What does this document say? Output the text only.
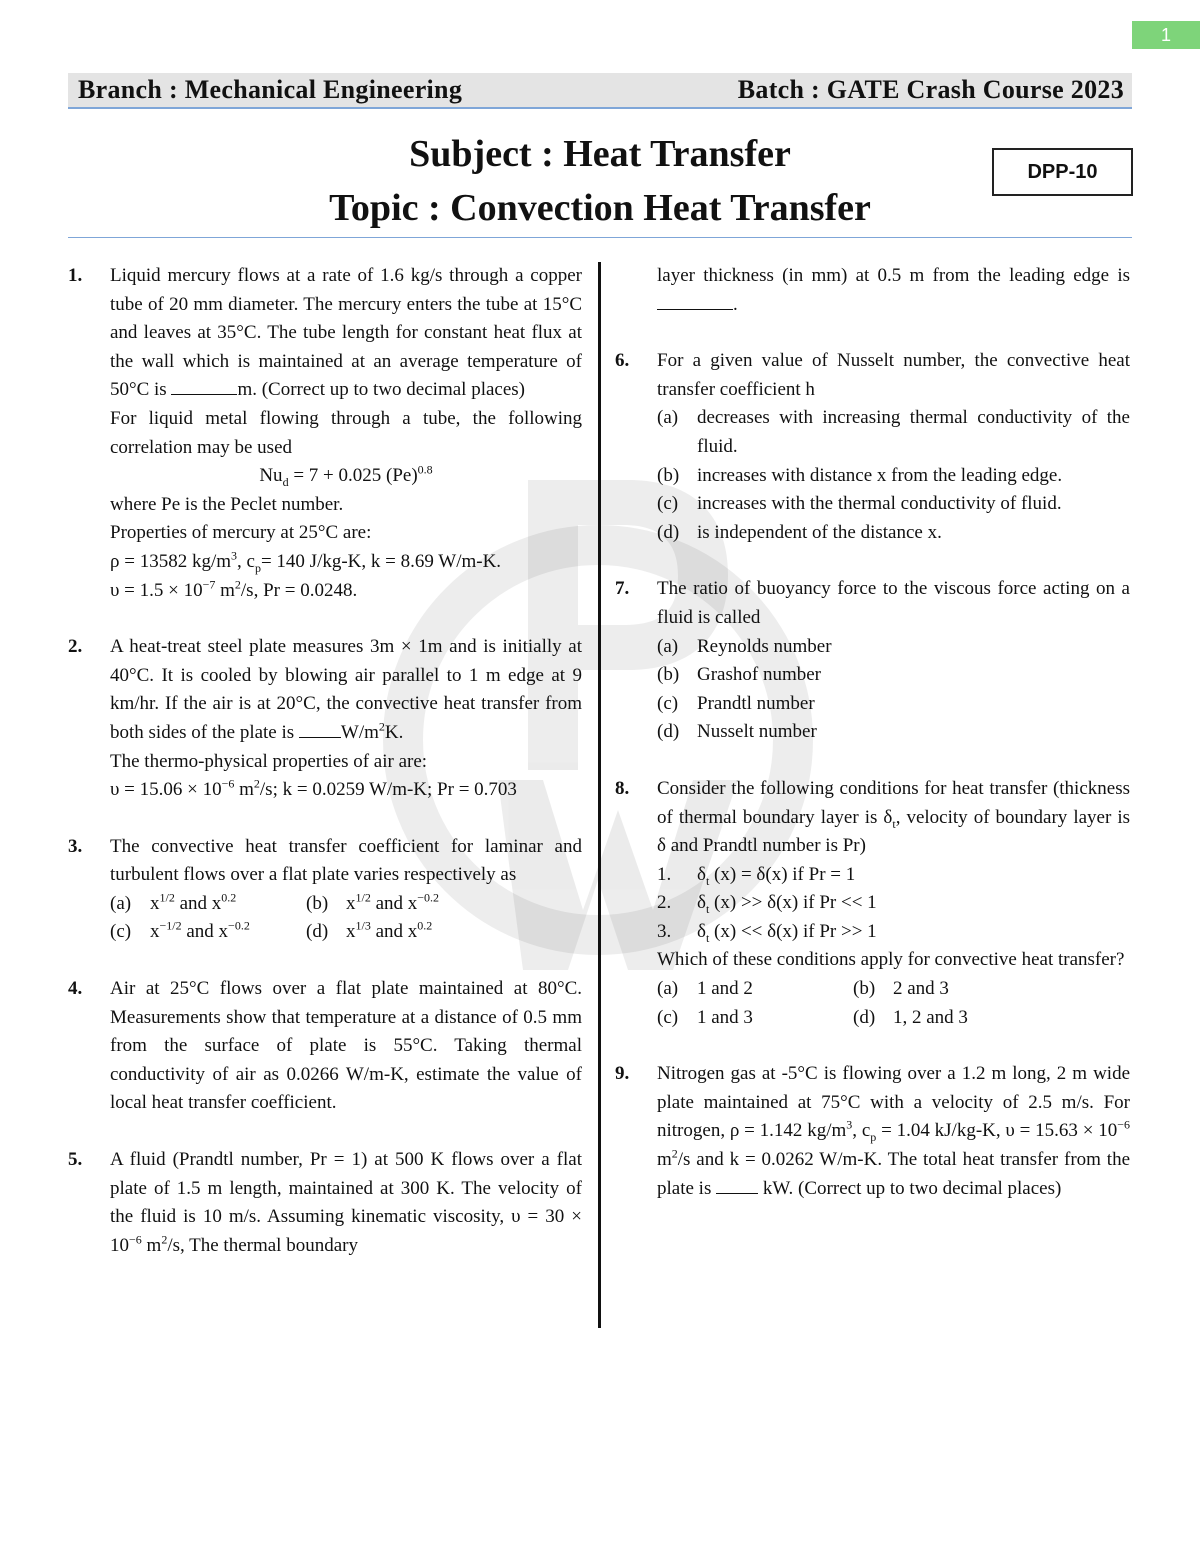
1
Branch : Mechanical Engineering	Batch : GATE Crash Course 2023
Subject : Heat Transfer
Topic : Convection Heat Transfer
DPP-10
1. Liquid mercury flows at a rate of 1.6 kg/s through a copper tube of 20 mm diameter. The mercury enters the tube at 15°C and leaves at 35°C. The tube length for constant heat flux at the wall which is maintained at an average temperature of 50°C is	m. (Correct up to two decimal places)

For liquid metal flowing through a tube, the following correlation may be used

$Nu_d = 7 + 0.025$ $(Pe)^{0.8}$

where Pe is the Peclet number.

Properties of mercury at 25°C are:

ρ = 13582 $kg/m^3$, $c_p= 140$ J/kg-K, k = 8.69 W/m-K.

$\upsilon = 1.5 \times 10^{-7}$ $m^2/s$, Pr = 0.0248.

2. A heat-treat steel plate measures 3m × 1m and is initially at 40°C. It is cooled by blowing air parallel to 1 m edge at 9 km/hr. If the air is at 20°C, the convective heat transfer from both sides of the plate is $W/m^2K$.

The thermo-physical properties of air are:

$\upsilon = 15.06 \times 10^{-6}$ $m^2/s$; k = 0.0259 W/m-K; Pr = 0.703

3. The convective heat transfer coefficient for laminar and turbulent flows over a flat plate varies respectively as

(a) $x^{1/2}$ and $x^{0.2}$	(b) $x^{1/2}$ and $x^{-0.2}$
(c) $x^{-1/2}$ and $x^{-0.2}$	(d) $x^{1/3}$ and $x^{0.2}$
4. Air at 25°C flows over a flat plate maintained at 80°C. Measurements show that temperature at a distance of 0.5 mm from the surface of plate is 55°C. Taking thermal conductivity of air as 0.0266 W/m-K, estimate the value of local heat transfer coefficient.

5. A fluid (Prandtl number, Pr = 1) at 500 K flows over a flat plate of 1.5 m length, maintained at 300 K. The velocity of the fluid is 10 m/s. Assuming kinematic viscosity, $\upsilon = 30 \times 10^{-6}$ $m^2/s$, The thermal boundary

layer thickness (in mm) at 0.5 m from the leading edge is .

6. For a given value of Nusselt number, the convective heat transfer coefficient h

(a) decreases with increasing thermal conductivity of the fluid.
(b) increases with distance x from the leading edge.
(c) increases with the thermal conductivity of fluid.
(d) is independent of the distance x.
7. The ratio of buoyancy force to the viscous force acting on a fluid is called

(a) Reynolds number
(b) Grashof number
(c) Prandtl number
(d) Nusselt number
8. Consider the following conditions for heat transfer (thickness of thermal boundary layer is $\delta_t$, velocity of boundary layer is δ and Prandtl number is Pr)

1. $\delta_t$ (x) = δ(x) if Pr = 1
2. $\delta_t$ (x) >> δ(x) if Pr << 1
3. $\delta_t$ (x) << δ(x) if Pr >> 1

Which of these conditions apply for convective heat transfer?

(a) 1 and 2	(b) 2 and 3
(c) 1 and 3	(d) 1, 2 and 3
9. Nitrogen gas at -5°C is flowing over a 1.2 m long, 2 m wide plate maintained at 75°C with a velocity of 2.5 m/s. For nitrogen, ρ = 1.142 $kg/m^3$, $c_p = 1.04$ kJ/kg-K, $\upsilon = 15.63 \times 10^{-6}$ $m^2/s$ and k = 0.0262 W/m-K. The total heat transfer from the plate is  kW. (Correct up to two decimal places)
